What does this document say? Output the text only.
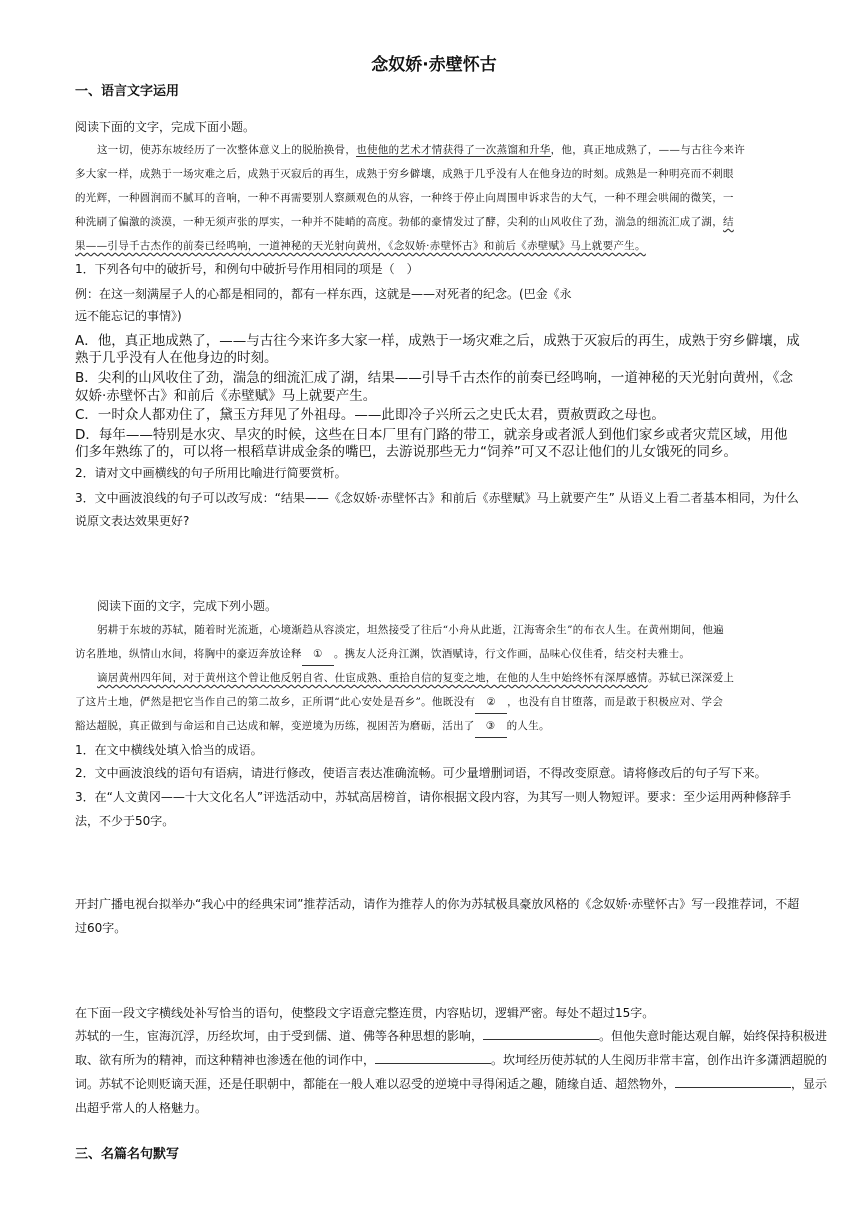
念奴娇·赤壁怀古
一、语言文字运用
阅读下面的文字，完成下面小题。
这一切，使苏东坡经历了一次整体意义上的脱胎换骨，也使他的艺术才情获得了一次蒸馏和升华，他，真正地成熟了，——与古往今来许
多大家一样，成熟于一场灾难之后，成熟于灭寂后的再生，成熟于穷乡僻壤，成熟于几乎没有人在他身边的时刻。成熟是一种明亮而不刺眼
的光辉，一种圆润而不腻耳的音响，一种不再需要别人察颜观色的从容，一种终于停止向周围申诉求告的大气，一种不理会哄闹的微笑，一
种洗刷了偏激的淡漠，一种无须声张的厚实，一种并不陡峭的高度。勃郁的豪情发过了酵，尖利的山风收住了劲，湍急的细流汇成了湖，结
果——引导千古杰作的前奏已经鸣响，一道神秘的天光射向黄州，《念奴娇·赤壁怀古》和前后《赤壁赋》马上就要产生。
1．下列各句中的破折号，和例句中破折号作用相同的项是（　）
例：在这一刻满屋子人的心都是相同的，都有一样东西，这就是——对死者的纪念。(巴金《永
远不能忘记的事情》)
A．他，真正地成熟了，——与古往今来许多大家一样，成熟于一场灾难之后，成熟于灭寂后的再生，成熟于穷乡僻壤，成
熟于几乎没有人在他身边的时刻。
B．尖利的山风收住了劲，湍急的细流汇成了湖，结果——引导千古杰作的前奏已经鸣响，一道神秘的天光射向黄州，《念
奴娇·赤壁怀古》和前后《赤壁赋》马上就要产生。
C．一时众人都劝住了，黛玉方拜见了外祖母。——此即冷子兴所云之史氏太君，贾赦贾政之母也。
D．每年——特别是水灾、旱灾的时候，这些在日本厂里有门路的带工，就亲身或者派人到他们家乡或者灾荒区域，用他
们多年熟练了的，可以将一根稻草讲成金条的嘴巴，去游说那些无力“饲养”可又不忍让他们的儿女饿死的同乡。
2．请对文中画横线的句子所用比喻进行简要赏析。
3．文中画波浪线的句子可以改写成：“结果——《念奴娇·赤壁怀古》和前后《赤壁赋》马上就要产生” 从语义上看二者基本相同，为什么
说原文表达效果更好?
阅读下面的文字，完成下列小题。
躬耕于东坡的苏轼，随着时光流逝，心境渐趋从容淡定，坦然接受了往后“小舟从此逝，江海寄余生”的布衣人生。在黄州期间，他遍
访名胜地，纵情山水间，将胸中的豪迈奔放诠释 ① 。携友人泛舟江渊，饮酒赋诗，行文作画，品味心仪佳肴，结交村夫雅士。
谪居黄州四年间，对于黄州这个曾让他反躬自省、仕宦成熟、重拾自信的复变之地，在他的人生中始终怀有深厚感情。苏轼已深深爱上
了这片土地，俨然是把它当作自己的第二故乡，正所谓“此心安处是吾乡”。他既没有 ② ，也没有自甘堕落，而是敢于积极应对、学会
豁达超脱，真正做到与命运和自己达成和解，变逆境为历练，视困苦为磨砺，活出了 ③ 的人生。
1．在文中横线处填入恰当的成语。
2．文中画波浪线的语句有语病，请进行修改，使语言表达准确流畅。可少量增删词语，不得改变原意。请将修改后的句子写下来。
3．在“人文黄冈——十大文化名人”评选活动中，苏轼高居榜首，请你根据文段内容，为其写一则人物短评。要求：至少运用两种修辞手
法，不少于50字。
开封广播电视台拟举办“我心中的经典宋词”推荐活动，请作为推荐人的你为苏轼极具豪放风格的《念奴娇·赤壁怀古》写一段推荐词，不超
过60字。
在下面一段文字横线处补写恰当的语句，使整段文字语意完整连贯，内容贴切，逻辑严密。每处不超过15字。
苏轼的一生，宦海沉浮，历经坎坷，由于受到儒、道、佛等各种思想的影响，	。但他失意时能达观自解，始终保持积极进
取、欲有所为的精神，而这种精神也渗透在他的词作中，	。坎坷经历使苏轼的人生阅历非常丰富，创作出许多潇洒超脱的
词。苏轼不论则贬谪天涯，还是任职朝中，都能在一般人难以忍受的逆境中寻得闲适之趣，随缘自适、超然物外，	，显示
出超乎常人的人格魅力。
三、名篇名句默写
